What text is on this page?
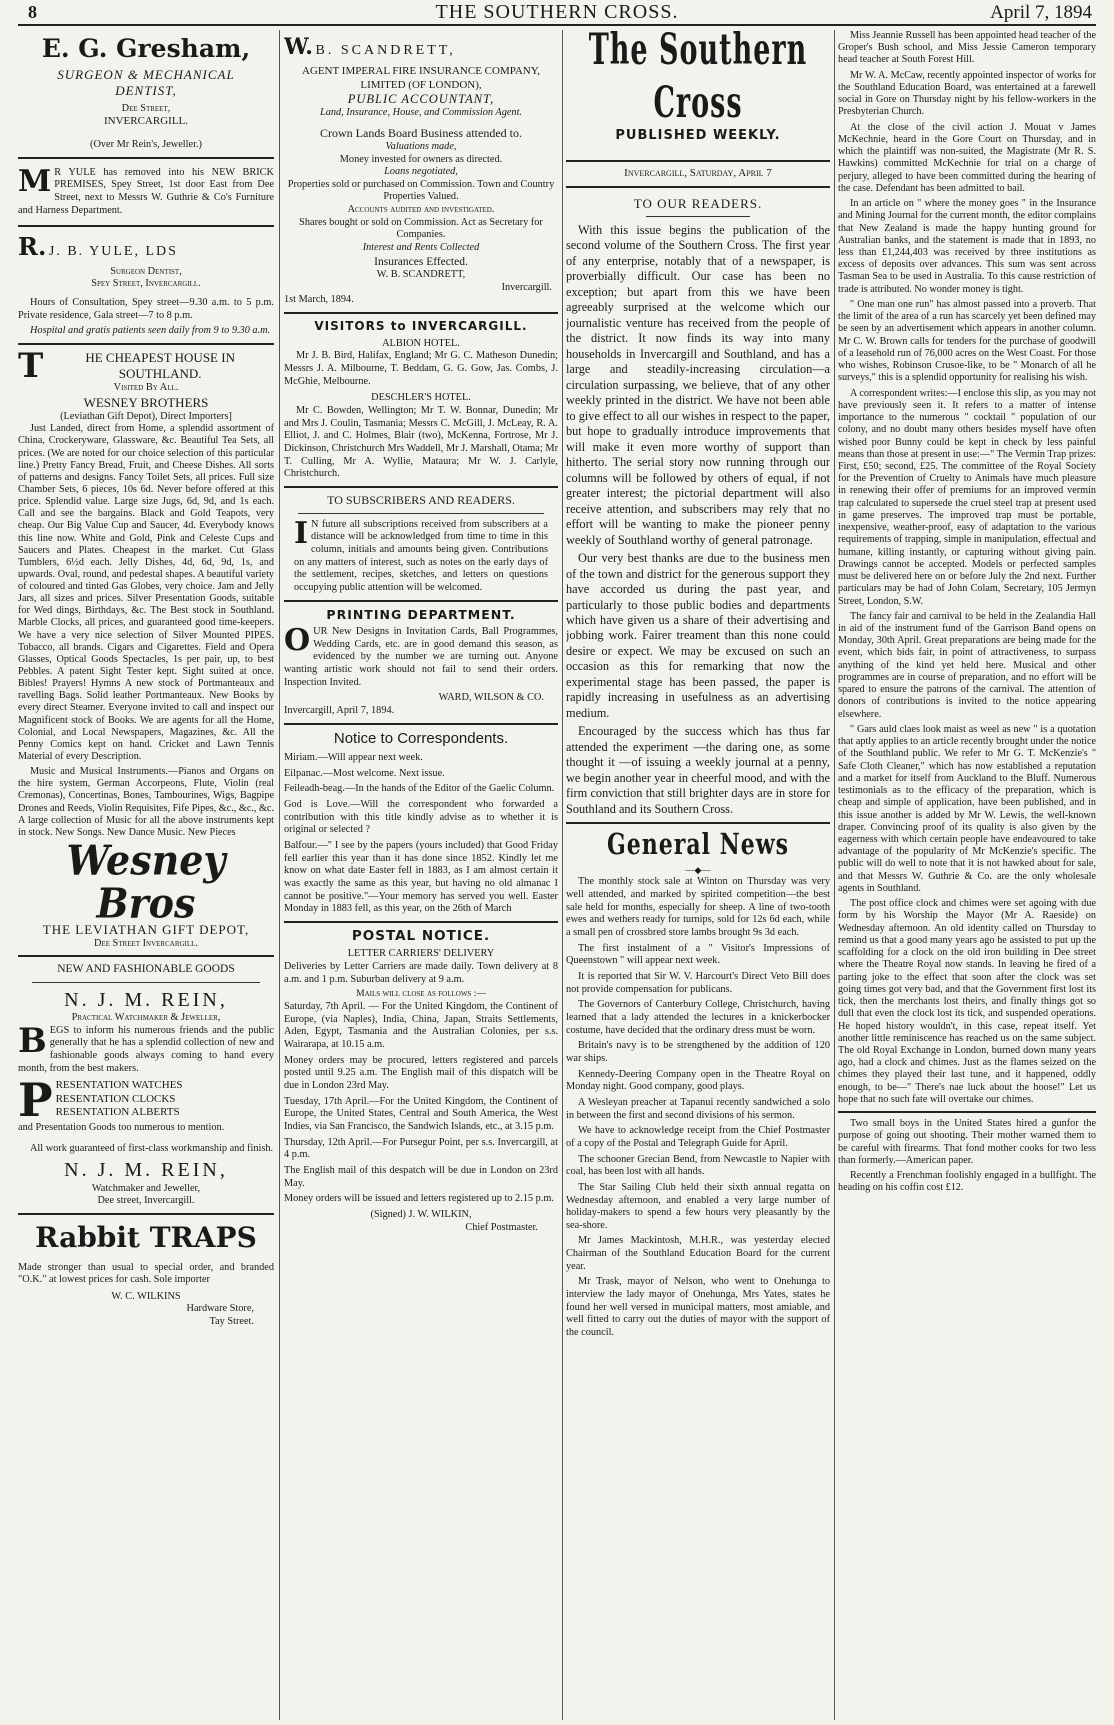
8	THE SOUTHERN CROSS.	April 7, 1894
E. G. Gresham,
SURGEON & MECHANICAL
DENTIST,
Dee Street,
INVERCARGILL.
(Over Mr Rein's, Jeweller.)

M R YULE has removed into his NEW BRICK PREMISES, Spey Street, 1st door East from Dee Street, next to Messrs W. Guthrie & Co's Furniture and Harness Department.

R. J. B. YULE, LDS
Surgeon Dentist,
Spey Street, Invercargill.

Hours of Consultation, Spey street—9.30 a.m. to 5 p.m. Private residence, Gala street—7 to 8 p.m.

Hospital and gratis patients seen daily from 9 to 9.30 a.m.

T	HE CHEAPEST HOUSE IN SOUTHLAND.
Visited By All.
WESNEY BROTHERS
(Leviathan Gift Depot), Direct Importers]

Just Landed, direct from Home, a splendid assortment of China, Crockeryware, Glassware, &c. Beautiful Tea Sets, all prices. (We are noted for our choice selection of this particular line.) Pretty Fancy Bread, Fruit, and Cheese Dishes. All sorts of patterns and designs. Fancy Toilet Sets, all prices. Full size Chamber Sets, 6 pieces, 10s 6d. Never before offered at this price. Splendid value. Large size Jugs, 6d, 9d, and 1s each. Call and see the bargains. Black and Gold Teapots, very cheap. Our Big Value Cup and Saucer, 4d. Everybody knows this line now. White and Gold, Pink and Celeste Cups and Saucers and Plates. Cheapest in the market. Cut Glass Tumblers, 6½d each. Jelly Dishes, 4d, 6d, 9d, 1s, and upwards. Oval, round, and pedestal shapes. A beautiful variety of coloured and tinted Gas Globes, very choice. Jam and Jelly Jars, all sizes and prices. Silver Presentation Goods, suitable for Wed dings, Birthdays, &c. The Best stock in Southland. Marble Clocks, all prices, and guaranteed good time-keepers. We have a very nice selection of Silver Mounted PIPES. Tobacco, all brands. Cigars and Cigarettes. Field and Opera Glasses, Optical Goods Spectacles, 1s per pair, up, to best Pebbles. A patent Sight Tester kept. Sight suited at once. Bibles! Prayers! Hymns A new stock of Portmanteaux and ravelling Bags. Solid leather Portmanteaux. New Books by every direct Steamer. Everyone invited to call and inspect our Magnificent stock of Books. We are agents for all the Home, Colonial, and Local Newspapers, Magazines, &c. All the Penny Comics kept on hand. Cricket and Lawn Tennis Material of every Description.

Music and Musical Instruments.—Pianos and Organs on the hire system, German Accorpeons, Flute, Violin (real Cremonas), Concertinas, Bones, Tambourines, Wigs, Bagpipe Drones and Reeds, Violin Requisites, Fife Pipes, &c., &c., &c. A large collection of Music for all the above instruments kept in stock. New Songs. New Dance Music. New Pieces

Wesney Bros
THE LEVIATHAN GIFT DEPOT,
Dee Street Invercargill.
NEW AND FASHIONABLE GOODS
N. J. M. REIN,
Practical Watchmaker & Jeweller,

BEGS to inform his numerous friends and the public generally that he has a splendid collection of new and fashionable goods always coming to hand every month, from the best makers.

P RESENTATION WATCHES
RESENTATION CLOCKS
RESENTATION ALBERTS

and Presentation Goods too numerous to mention.

All work guaranteed of first-class workmanship and finish.

N. J. M. REIN,
Watchmaker and Jeweller,
Dee street, Invercargill.
Rabbit TRAPS

Made stronger than usual to special order, and branded "O.K." at lowest prices for cash. Sole importer

W. C. WILKINS
Hardware Store,
Tay Street.
W. B. SCANDRETT,
AGENT IMPERAL FIRE INSURANCE COMPANY, LIMITED (OF LONDON),
PUBLIC ACCOUNTANT,
Land, Insurance, House, and Commission Agent.
Crown Lands Board Business attended to.
Valuations made,
Money invested for owners as directed.
Loans negotiated,
Properties sold or purchased on Commission. Town and Country Properties Valued.
Accounts audited and investigated.
Shares bought or sold on Commission. Act as Secretary for Companies.
Interest and Rents Collected
Insurances Effected.
W. B. SCANDRETT,
Invercargill.
1st March, 1894.
VISITORS to INVERCARGILL.
ALBION HOTEL.

Mr J. B. Bird, Halifax, England; Mr G. C. Matheson Dunedin; Messrs J. A. Milbourne, T. Beddam, G. G. Gow, Jas. Combs, J. McGhie, Melbourne.

DESCHLER'S HOTEL.

Mr C. Bowden, Wellington; Mr T. W. Bonnar, Dunedin; Mr and Mrs J. Coulin, Tasmania; Messrs C. McGill, J. McLeay, R. A. Elliot, J. and C. Holmes, Blair (two), McKenna, Fortrose, Mr J. Dickinson, Christchurch Mrs Waddell, Mr J. Marshall, Otama; Mr T. Culling, Mr A. Wyllie, Mataura; Mr W. J. Carlyle, Christchurch.

TO SUBSCRIBERS AND READERS.

I N future all subscriptions received from subscribers at a distance will be acknowledged from time to time in this column, initials and amounts being given. Contributions on any matters of interest, such as notes on the early days of the settlement, recipes, sketches, and letters on questions occupying public attention will be welcomed.

PRINTING DEPARTMENT.

OUR New Designs in Invitation Cards, Ball Programmes, Wedding Cards, etc. are in good demand this season, as evidenced by the number we are turning out. Anyone wanting artistic work should not fail to send their orders. Inspection Invited.

WARD, WILSON & CO.
Invercargill, April 7, 1894.
Notice to Correspondents.

Miriam.—Will appear next week.

Eilpanac.—Most welcome. Next issue.

Feileadh-beag.—In the hands of the Editor of the Gaelic Column.

God is Love.—Will the correspondent who forwarded a contribution with this title kindly advise as to whether it is original or selected ?

Balfour.—" I see by the papers (yours included) that Good Friday fell earlier this year than it has done since 1852. Kindly let me know on what date Easter fell in 1883, as I am almost certain it was exactly the same as this year, but having no old almanac I cannot be positive."—Your memory has served you well. Easter Monday in 1883 fell, as this year, on the 26th of March

POSTAL NOTICE.
LETTER CARRIERS' DELIVERY

Deliveries by Letter Carriers are made daily. Town delivery at 8 a.m. and 1 p.m. Suburban delivery at 9 a.m.

Mails will close as follows :—

Saturday, 7th April. — For the United Kingdom, the Continent of Europe, (via Naples), India, China, Japan, Straits Settlements, Aden, Egypt, Tasmania and the Australian Colonies, per s.s. Wairarapa, at 10.15 a.m.

Money orders may be procured, letters registered and parcels posted until 9.25 a.m. The English mail of this dispatch will be due in London 23rd May.

Tuesday, 17th April.—For the United Kingdom, the Continent of Europe, the United States, Central and South America, the West Indies, via San Francisco, the Sandwich Islands, etc., at 3.15 p.m.

Thursday, 12th April.—For Pursegur Point, per s.s. Invercargill, at 4 p.m.

The English mail of this despatch will be due in London on 23rd May.

Money orders will be issued and letters registered up to 2.15 p.m.

(Signed) J. W. WILKIN,
Chief Postmaster.
The Southern Cross
PUBLISHED WEEKLY.
Invercargill, Saturday, April 7
TO OUR READERS.

With this issue begins the publication of the second volume of the Southern Cross. The first year of any enterprise, notably that of a newspaper, is proverbially difficult. Our case has been no exception; but apart from this we have been agreeably surprised at the welcome which our journalistic venture has received from the people of the district. It now finds its way into many households in Invercargill and Southland, and has a large and steadily-increasing circulation—a circulation surpassing, we believe, that of any other weekly printed in the district. We have not been able to give effect to all our wishes in respect to the paper, but hope to gradually introduce improvements that will make it even more worthy of support than hitherto. The serial story now running through our columns will be followed by others of equal, if not greater interest; the pictorial department will also receive attention, and subscribers may rely that no effort will be wanting to make the pioneer penny weekly of Southland worthy of general patronage.

Our very best thanks are due to the business men of the town and district for the generous support they have accorded us during the past year, and particularly to those public bodies and departments which have given us a share of their advertising and jobbing work. Fairer treament than this none could desire or expect. We may be excused on such an occasion as this for remarking that now the experimental stage has been passed, the paper is rapidly increasing in usefulness as an advertising medium.

Encouraged by the success which has thus far attended the experiment —the daring one, as some thought it —of issuing a weekly journal at a penny, we begin another year in cheerful mood, and with the firm conviction that still brighter days are in store for Southland and its Southern Cross.

General News
—◆—

The monthly stock sale at Winton on Thursday was very well attended, and marked by spirited competition—the best sale held for months, especially for sheep. A line of two-tooth ewes and wethers ready for turnips, sold for 12s 6d each, while a small pen of crossbred store lambs brought 9s 3d each.

The first instalment of a " Visitor's Impressions of Queenstown " will appear next week.

It is reported that Sir W. V. Harcourt's Direct Veto Bill does not provide compensation for publicans.

The Governors of Canterbury College, Christchurch, having learned that a lady attended the lectures in a knickerbocker costume, have decided that the ordinary dress must be worn.

Britain's navy is to be strengthened by the addition of 120 war ships.

Kennedy-Deering Company open in the Theatre Royal on Monday night. Good company, good plays.

A Wesleyan preacher at Tapanui recently sandwiched a solo in between the first and second divisions of his sermon.

We have to acknowledge receipt from the Chief Postmaster of a copy of the Postal and Telegraph Guide for April.

The schooner Grecian Bend, from Newcastle to Napier with coal, has been lost with all hands.

The Star Sailing Club held their sixth annual regatta on Wednesday afternoon, and enabled a very large number of holiday-makers to spend a few hours very pleasantly by the sea-shore.

Mr James Mackintosh, M.H.R., was yesterday elected Chairman of the Southland Education Board for the current year.

Mr Trask, mayor of Nelson, who went to Onehunga to interview the lady mayor of Onehunga, Mrs Yates, states he found her well versed in municipal matters, most amiable, and well fitted to carry out the duties of mayor with the support of the council.

Miss Jeannie Russell has been appointed head teacher of the Groper's Bush school, and Miss Jessie Cameron temporary head teacher at South Forest Hill.

Mr W. A. McCaw, recently appointed inspector of works for the Southland Education Board, was entertained at a farewell social in Gore on Thursday night by his fellow-workers in the Presbyterian Church.

At the close of the civil action J. Mouat v James McKechnie, heard in the Gore Court on Thursday, and in which the plaintiff was non-suited, the Magistrate (Mr R. S. Hawkins) committed McKechnie for trial on a charge of perjury, alleged to have been committed during the hearing of the case. Defendant has been admitted to bail.

In an article on " where the money goes " in the Insurance and Mining Journal for the current month, the editor complains that New Zealand is made the happy hunting ground for Australian banks, and the statement is made that in 1893, no less than £1,244,403 was received by three institutions as excess of deposits over advances. This sum was sent across Tasman Sea to be used in Australia. To this cause restriction of trade is attributed. No wonder money is tight.

" One man one run" has almost passed into a proverb. That the limit of the area of a run has scarcely yet been defined may be seen by an advertisement which appears in another column. Mr C. W. Brown calls for tenders for the purchase of goodwill of a leasehold run of 76,000 acres on the West Coast. For those who wishes, Robinson Crusoe-like, to be " Monarch of all he surveys," this is a splendid opportunity for realising his wish.

A correspondent writes:—I enclose this slip, as you may not have previously seen it. It refers to a matter of intense importance to the numerous " cocktail " population of our colony, and no doubt many others besides myself have often wished poor Bunny could be kept in check by less painful means than those at present in use:—" The Vermin Trap prizes: First, £50; second, £25. The committee of the Royal Society for the Prevention of Cruelty to Animals have much pleasure in renewing their offer of premiums for an improved vermin trap calculated to supersede the cruel steel trap at present used in game preserves. The improved trap must be portable, inexpensive, weather-proof, easy of adaptation to the various requirements of trapping, simple in manipulation, effectual and humane, killing instantly, or capturing without giving pain. Drawings cannot be accepted. Models or perfected samples must be delivered here on or before July the 2nd next. Further particulars may be had of John Colam, Secretary, 105 Jermyn Street, London, S.W.

The fancy fair and carnival to be held in the Zealandia Hall in aid of the instrument fund of the Garrison Band opens on Monday, 30th April. Great preparations are being made for the event, which bids fair, in point of attractiveness, to surpass anything of the kind yet held here. Musical and other programmes are in course of preparation, and no effort will be spared to ensure the patrons of the carnival. The attention of donors of contributions is invited to the notice appearing elsewhere.

" Gars auld claes look maist as weel as new " is a quotation that aptly applies to an article recently brought under the notice of the Southland public. We refer to Mr G. T. McKenzie's " Safe Cloth Cleaner," which has now established a reputation and a market for itself from Auckland to the Bluff. Numerous testimonials as to the efficacy of the preparation, which is cheap and simple of application, have been published, and in this issue another is added by Mr W. Lewis, the well-known draper. Convincing proof of its quality is also given by the eagerness with which certain people have endeavoured to take advantage of the popularity of Mr McKenzie's specific. The public will do well to note that it is not hawked about for sale, and that Messrs W. Guthrie & Co. are the only wholesale agents in Southland.

The post office clock and chimes were set agoing with due form by his Worship the Mayor (Mr A. Raeside) on Wednesday afternoon. An old identity called on Thursday to remind us that a good many years ago he assisted to put up the scaffolding for a clock on the old iron building in Dee street where the Theatre Royal now stands. In leaving he fired of a parting joke to the effect that soon after the clock was set going times got very bad, and that the Government first lost its tick, then the merchants lost theirs, and finally things got so dull that even the clock lost its tick, and suspended operations. He hoped history wouldn't, in this case, repeat itself. Yet another little reminiscence has reached us on the same subject. The old Royal Exchange in London, burned down many years ago, had a clock and chimes. Just as the flames seized on the chimes they played their last tune, and it happened, oddly enough, to be—" There's nae luck about the hoose!" Let us hope that no such fate will overtake our chimes.

Two small boys in the United States hired a gunfor the purpose of going out shooting. Their mother warned them to be careful with firearms. That fond mother cooks for two less than formerly.—American paper.

Recently a Frenchman foolishly engaged in a bullfight. The heading on his coffin cost £12.
